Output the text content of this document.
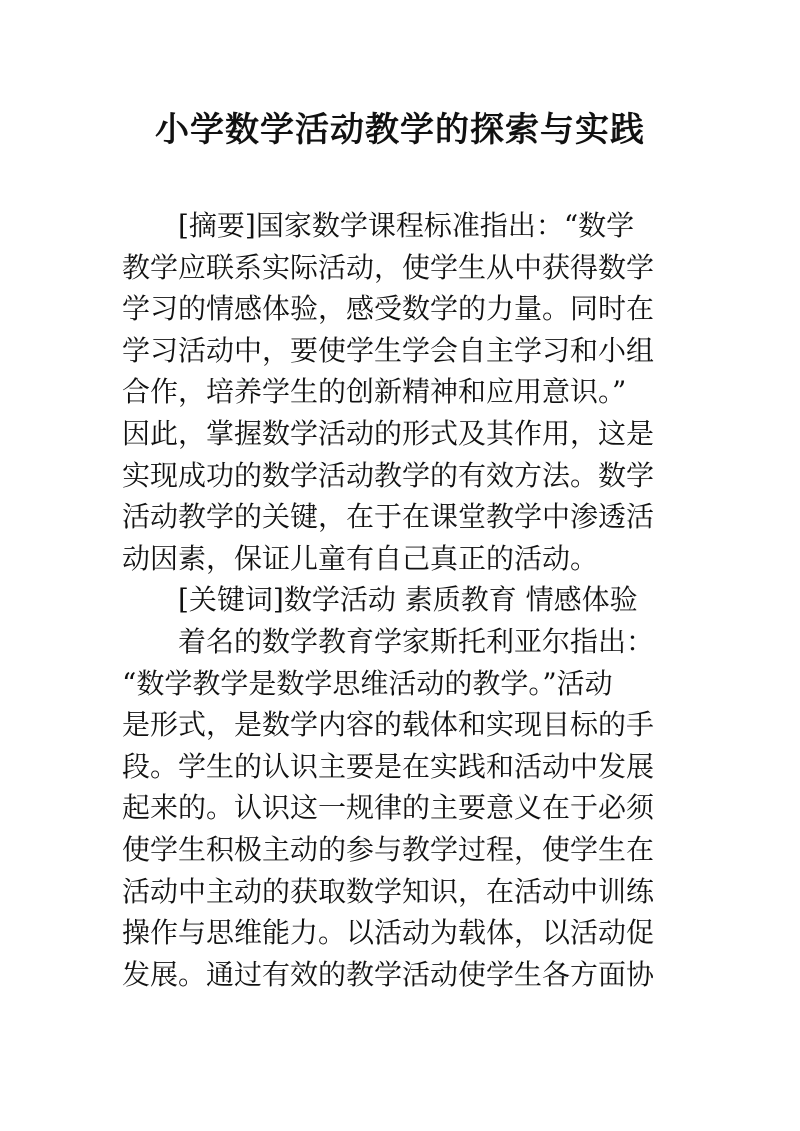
小学数学活动教学的探索与实践
　　[摘要]国家数学课程标准指出：“数学
教学应联系实际活动，使学生从中获得数学
学习的情感体验，感受数学的力量。同时在
学习活动中，要使学生学会自主学习和小组
合作，培养学生的创新精神和应用意识。”
因此，掌握数学活动的形式及其作用，这是
实现成功的数学活动教学的有效方法。数学
活动教学的关键，在于在课堂教学中渗透活
动因素，保证儿童有自己真正的活动。
　　[关键词]数学活动 素质教育 情感体验
　　着名的数学教育学家斯托利亚尔指出：
“数学教学是数学思维活动的教学。”活动
是形式，是数学内容的载体和实现目标的手
段。学生的认识主要是在实践和活动中发展
起来的。认识这一规律的主要意义在于必须
使学生积极主动的参与教学过程，使学生在
活动中主动的获取数学知识，在活动中训练
操作与思维能力。以活动为载体，以活动促
发展。通过有效的教学活动使学生各方面协
